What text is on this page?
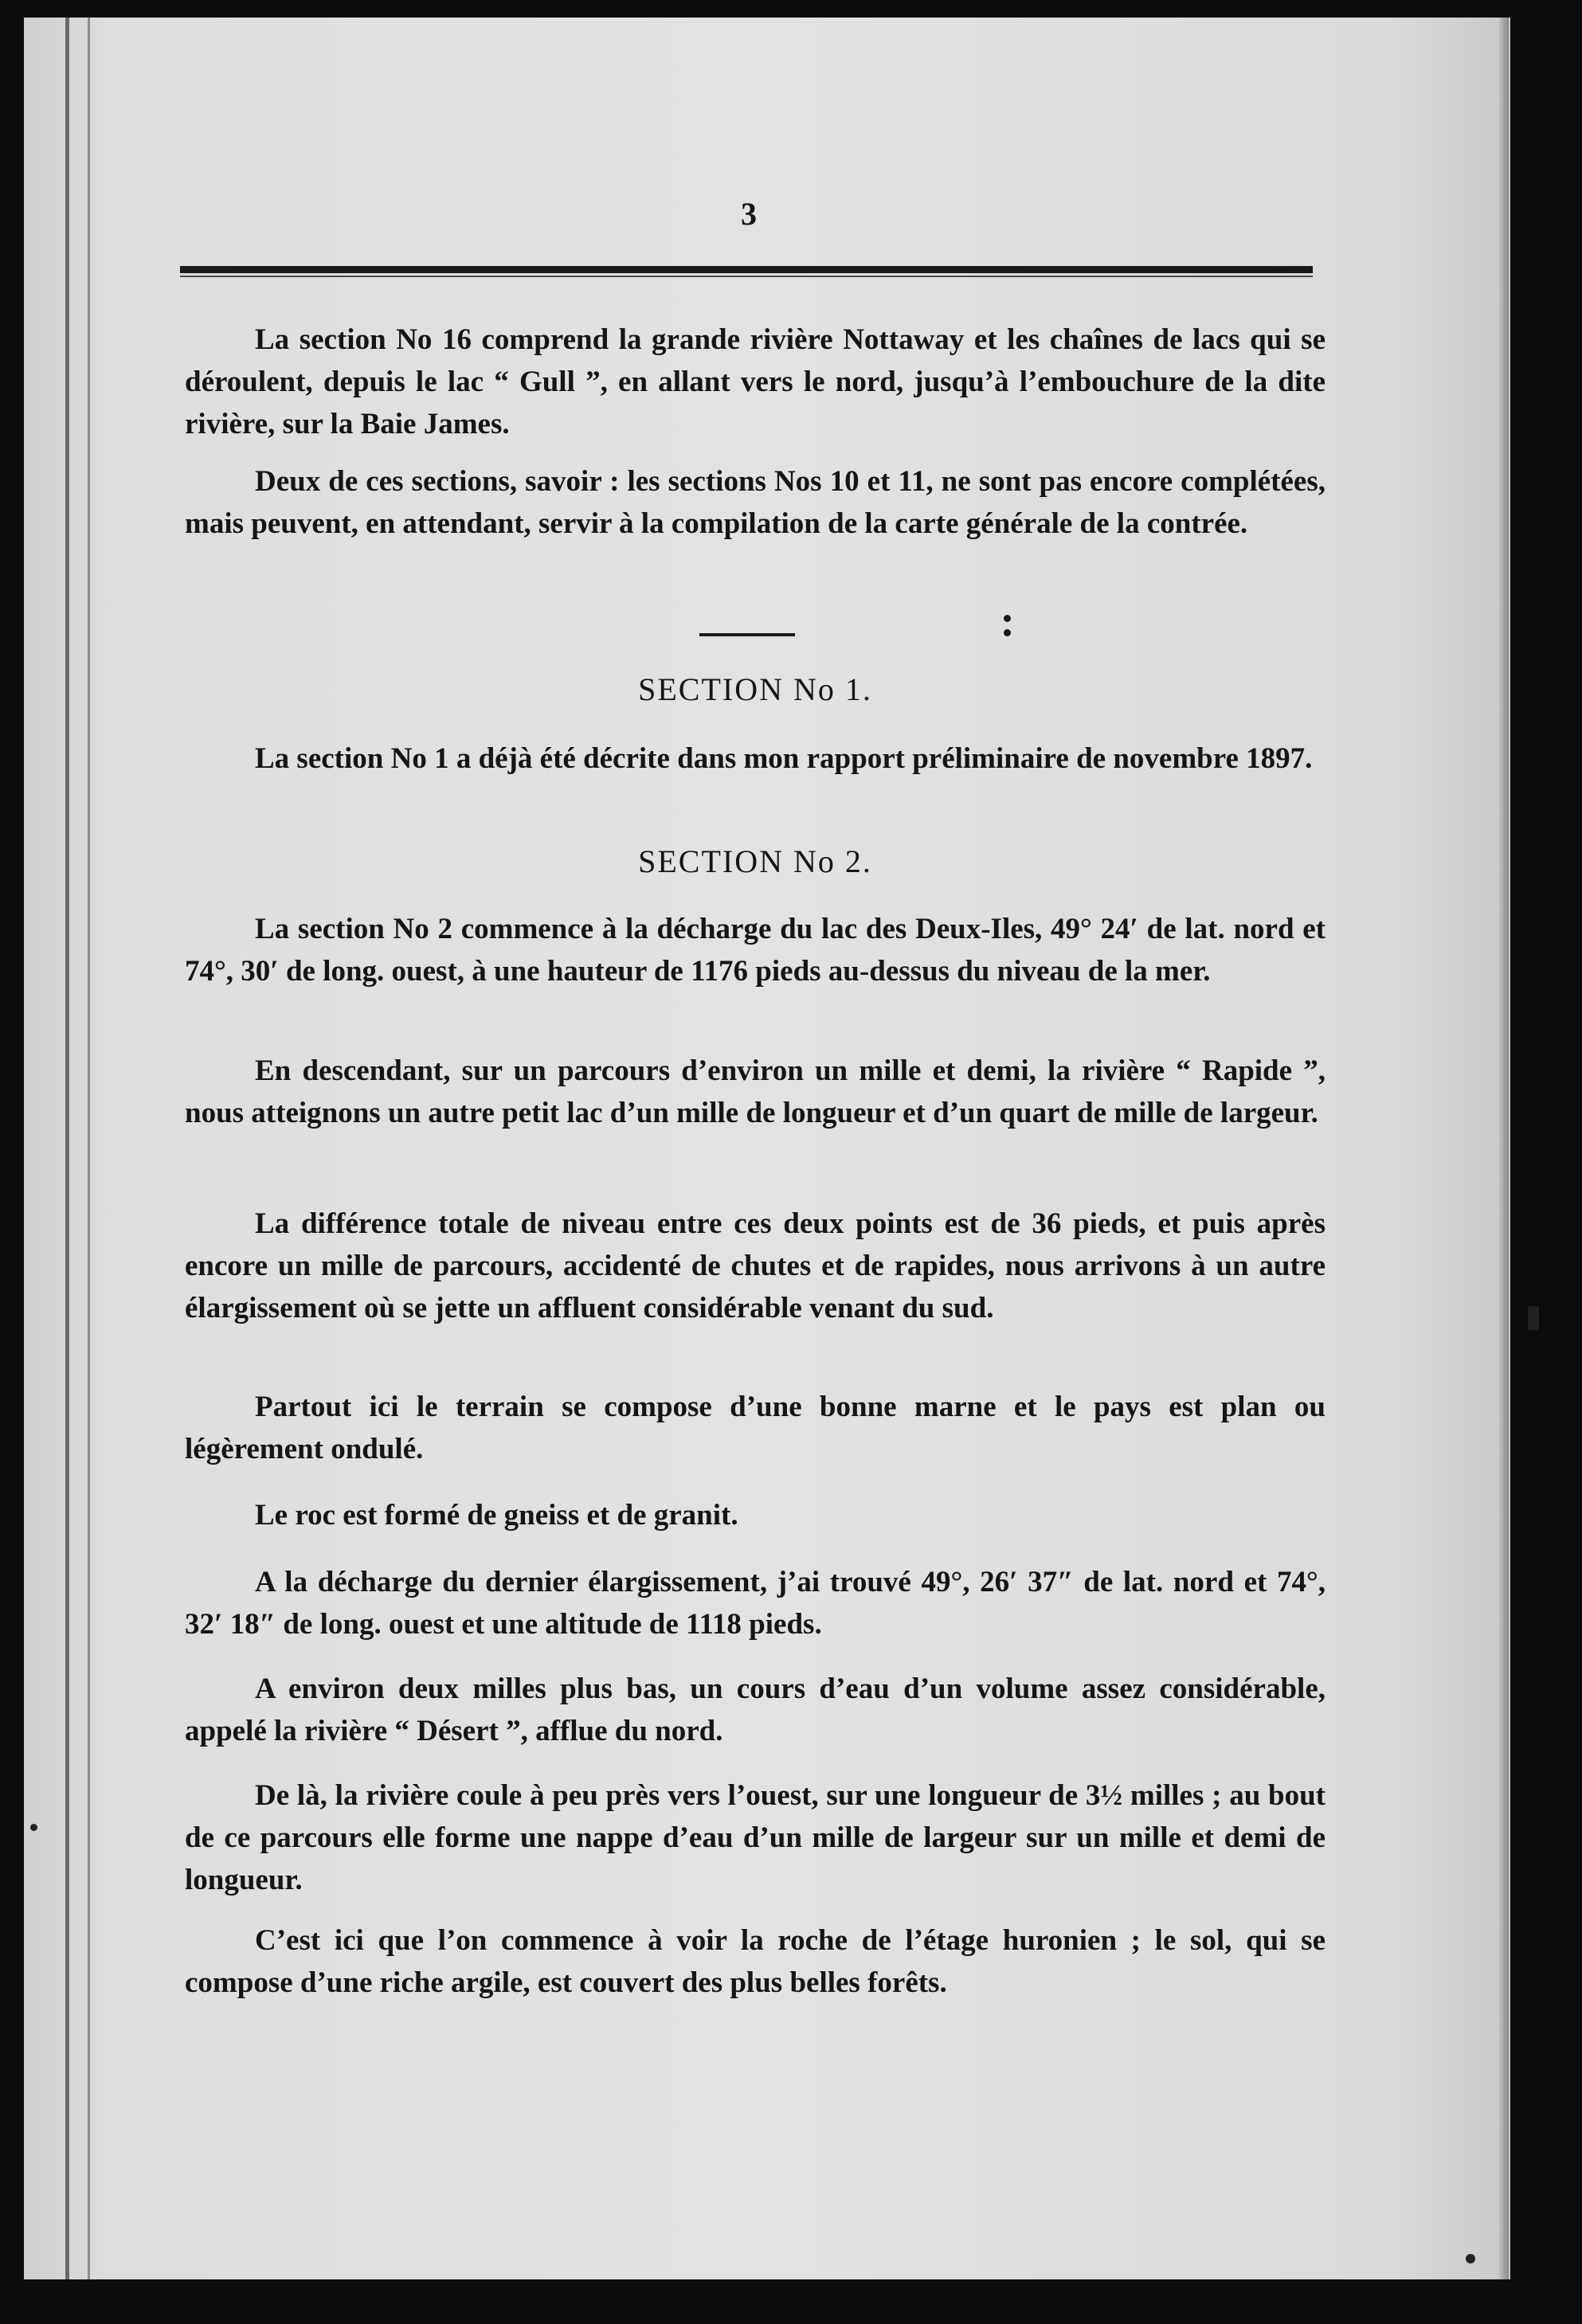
3

La section No 16 comprend la grande rivière Nottaway et les chaînes de lacs qui se déroulent, depuis le lac “ Gull ”, en allant vers le nord, jusqu’à l’embouchure de la dite rivière, sur la Baie James.

Deux de ces sections, savoir : les sections Nos 10 et 11, ne sont pas encore complétées, mais peuvent, en attendant, servir à la compilation de la carte générale de la contrée.

SECTION No 1.

La section No 1 a déjà été décrite dans mon rapport préliminaire de novembre 1897.

SECTION No 2.

La section No 2 commence à la décharge du lac des Deux-Iles, 49° 24′ de lat. nord et 74°, 30′ de long. ouest, à une hauteur de 1176 pieds au-dessus du niveau de la mer.

En descendant, sur un parcours d’environ un mille et demi, la rivière “ Rapide ”, nous atteignons un autre petit lac d’un mille de longueur et d’un quart de mille de largeur.

La différence totale de niveau entre ces deux points est de 36 pieds, et puis après encore un mille de parcours, accidenté de chutes et de rapides, nous arrivons à un autre élargissement où se jette un affluent considérable venant du sud.

Partout ici le terrain se compose d’une bonne marne et le pays est plan ou légèrement ondulé.

Le roc est formé de gneiss et de granit.

A la décharge du dernier élargissement, j’ai trouvé 49°, 26′ 37″ de lat. nord et 74°, 32′ 18″ de long. ouest et une altitude de 1118 pieds.

A environ deux milles plus bas, un cours d’eau d’un volume assez considérable, appelé la rivière “ Désert ”, afflue du nord.

De là, la rivière coule à peu près vers l’ouest, sur une longueur de 3½ milles ; au bout de ce parcours elle forme une nappe d’eau d’un mille de largeur sur un mille et demi de longueur.

C’est ici que l’on commence à voir la roche de l’étage huronien ; le sol, qui se compose d’une riche argile, est couvert des plus belles forêts.
